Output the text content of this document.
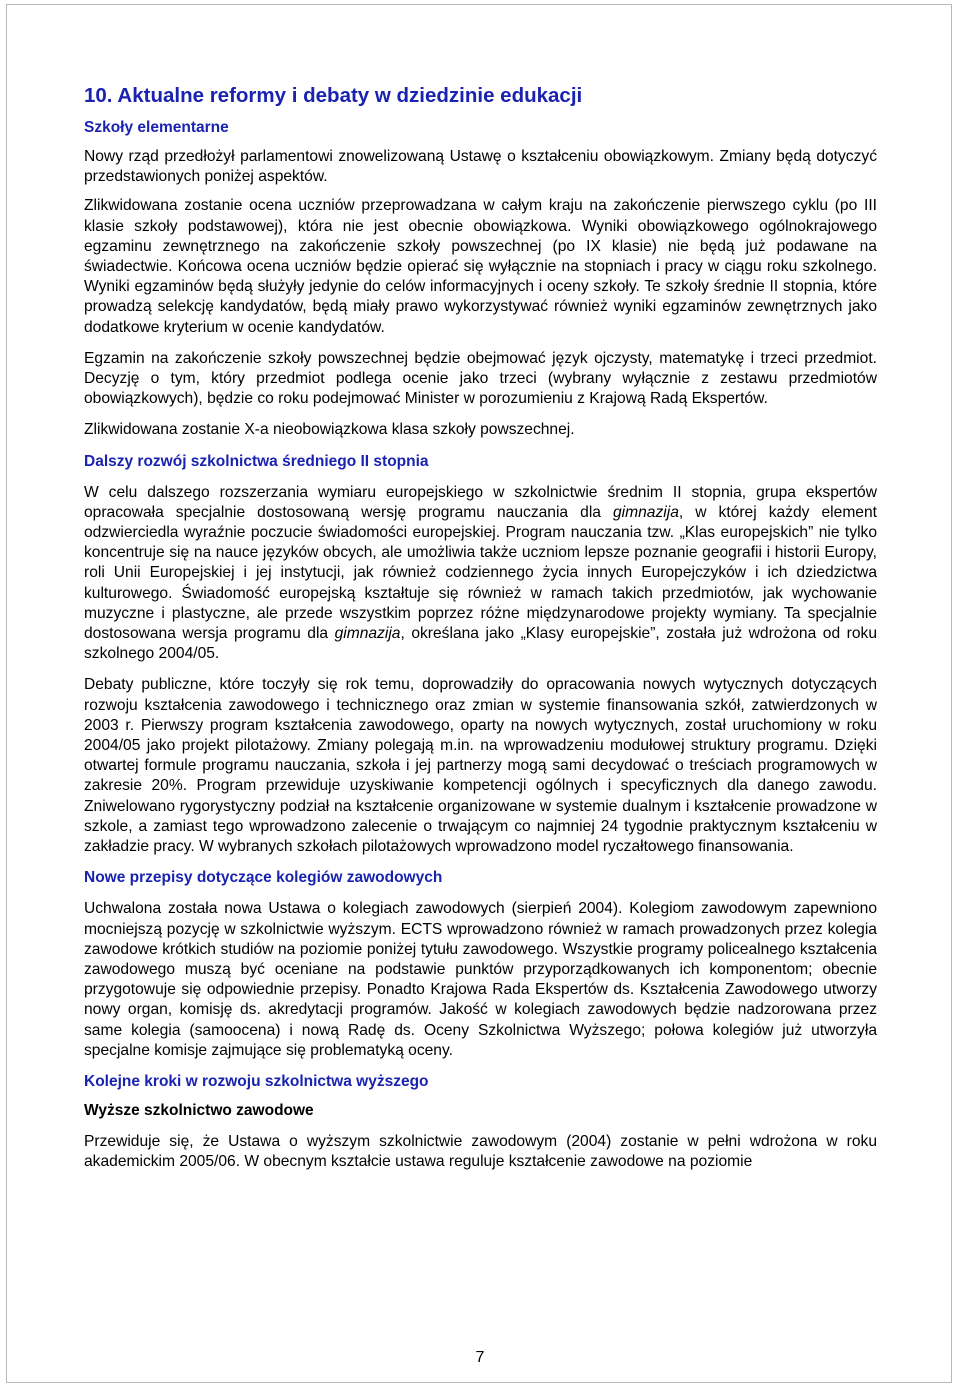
10. Aktualne reformy i debaty w dziedzinie edukacji
Szkoły elementarne

Nowy rząd przedłożył parlamentowi znowelizowaną Ustawę o kształceniu obowiązkowym. Zmiany będą dotyczyć przedstawionych poniżej aspektów.

Zlikwidowana zostanie ocena uczniów przeprowadzana w całym kraju na zakończenie pierwszego cyklu (po III klasie szkoły podstawowej), która nie jest obecnie obowiązkowa. Wyniki obowiązkowego ogólnokrajowego egzaminu zewnętrznego na zakończenie szkoły powszechnej (po IX klasie) nie będą już podawane na świadectwie. Końcowa ocena uczniów będzie opierać się wyłącznie na stopniach i pracy w ciągu roku szkolnego. Wyniki egzaminów będą służyły jedynie do celów informacyjnych i oceny szkoły. Te szkoły średnie II stopnia, które prowadzą selekcję kandydatów, będą miały prawo wykorzystywać również wyniki egzaminów zewnętrznych jako dodatkowe kryterium w ocenie kandydatów.

Egzamin na zakończenie szkoły powszechnej będzie obejmować język ojczysty, matematykę i trzeci przedmiot. Decyzję o tym, który przedmiot podlega ocenie jako trzeci (wybrany wyłącznie z zestawu przedmiotów obowiązkowych), będzie co roku podejmować Minister w porozumieniu z Krajową Radą Ekspertów.

Zlikwidowana zostanie X-a nieobowiązkowa klasa szkoły powszechnej.

Dalszy rozwój szkolnictwa średniego II stopnia

W celu dalszego rozszerzania wymiaru europejskiego w szkolnictwie średnim II stopnia, grupa ekspertów opracowała specjalnie dostosowaną wersję programu nauczania dla gimnazija, w której każdy element odzwierciedla wyraźnie poczucie świadomości europejskiej. Program nauczania tzw. „Klas europejskich” nie tylko koncentruje się na nauce języków obcych, ale umożliwia także uczniom lepsze poznanie geografii i historii Europy, roli Unii Europejskiej i jej instytucji, jak również codziennego życia innych Europejczyków i ich dziedzictwa kulturowego. Świadomość europejską kształtuje się również w ramach takich przedmiotów, jak wychowanie muzyczne i plastyczne, ale przede wszystkim poprzez różne międzynarodowe projekty wymiany. Ta specjalnie dostosowana wersja programu dla gimnazija, określana jako „Klasy europejskie”, została już wdrożona od roku szkolnego 2004/05.

Debaty publiczne, które toczyły się rok temu, doprowadziły do opracowania nowych wytycznych dotyczących rozwoju kształcenia zawodowego i technicznego oraz zmian w systemie finansowania szkół, zatwierdzonych w 2003 r. Pierwszy program kształcenia zawodowego, oparty na nowych wytycznych, został uruchomiony w roku 2004/05 jako projekt pilotażowy. Zmiany polegają m.in. na wprowadzeniu modułowej struktury programu. Dzięki otwartej formule programu nauczania, szkoła i jej partnerzy mogą sami decydować o treściach programowych w zakresie 20%. Program przewiduje uzyskiwanie kompetencji ogólnych i specyficznych dla danego zawodu. Zniwelowano rygorystyczny podział na kształcenie organizowane w systemie dualnym i kształcenie prowadzone w szkole, a zamiast tego wprowadzono zalecenie o trwającym co najmniej 24 tygodnie praktycznym kształceniu w zakładzie pracy. W wybranych szkołach pilotażowych wprowadzono model ryczałtowego finansowania.

Nowe przepisy dotyczące kolegiów zawodowych

Uchwalona została nowa Ustawa o kolegiach zawodowych (sierpień 2004). Kolegiom zawodowym zapewniono mocniejszą pozycję w szkolnictwie wyższym. ECTS wprowadzono również w ramach prowadzonych przez kolegia zawodowe krótkich studiów na poziomie poniżej tytułu zawodowego. Wszystkie programy policealnego kształcenia zawodowego muszą być oceniane na podstawie punktów przyporządkowanych ich komponentom; obecnie przygotowuje się odpowiednie przepisy. Ponadto Krajowa Rada Ekspertów ds. Kształcenia Zawodowego utworzy nowy organ, komisję ds. akredytacji programów. Jakość w kolegiach zawodowych będzie nadzorowana przez same kolegia (samoocena) i nową Radę ds. Oceny Szkolnictwa Wyższego; połowa kolegiów już utworzyła specjalne komisje zajmujące się problematyką oceny.

Kolejne kroki w rozwoju szkolnictwa wyższego
Wyższe szkolnictwo zawodowe

Przewiduje się, że Ustawa o wyższym szkolnictwie zawodowym (2004) zostanie w pełni wdrożona w roku akademickim 2005/06. W obecnym kształcie ustawa reguluje kształcenie zawodowe na poziomie

7
